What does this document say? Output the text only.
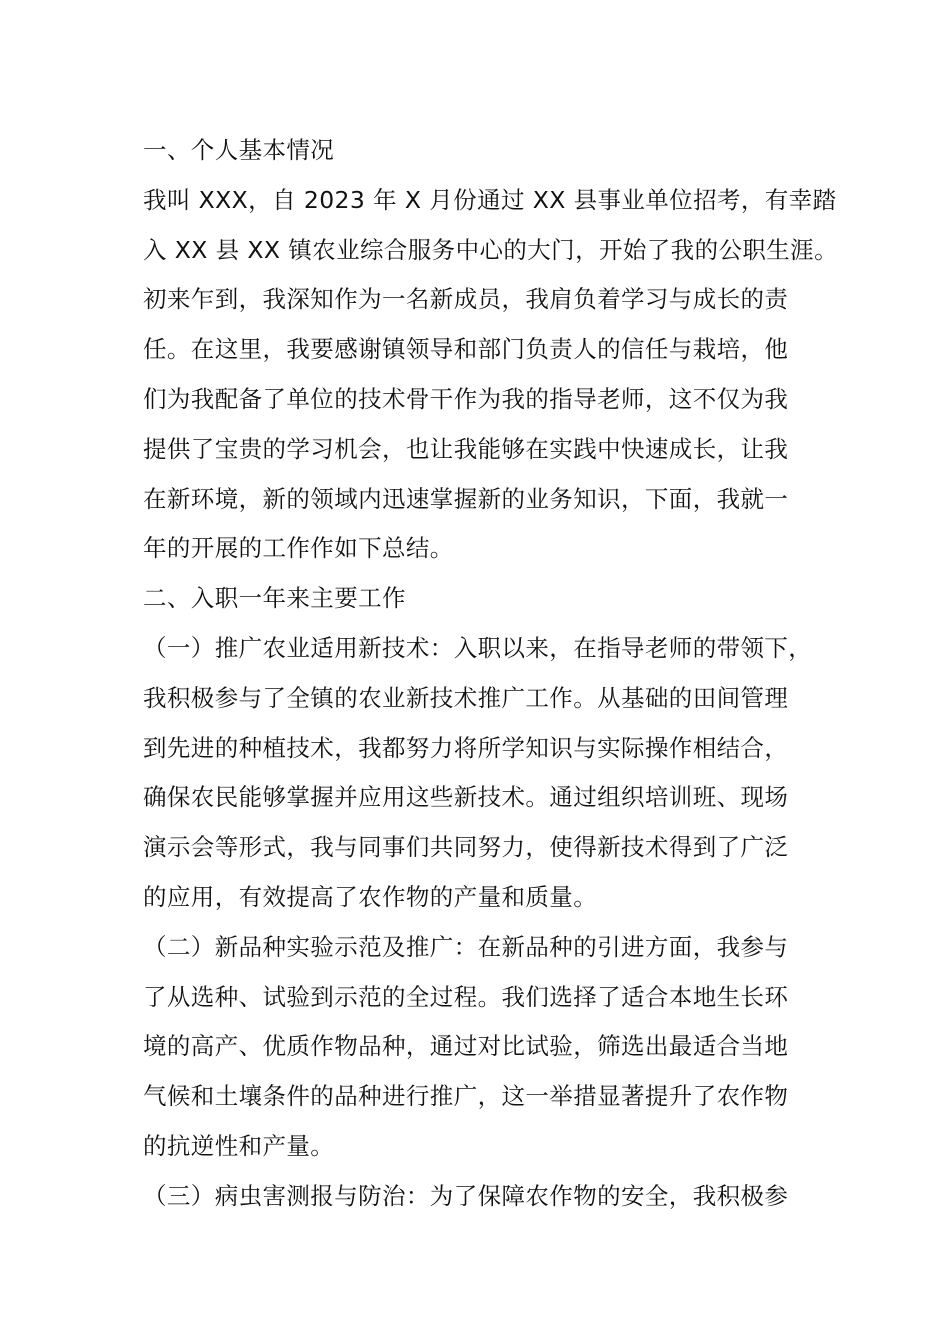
一、个人基本情况
我叫 XXX，自 2023 年 X 月份通过 XX 县事业单位招考，有幸踏
入 XX 县 XX 镇农业综合服务中心的大门，开始了我的公职生涯。
初来乍到，我深知作为一名新成员，我肩负着学习与成长的责
任。在这里，我要感谢镇领导和部门负责人的信任与栽培，他
们为我配备了单位的技术骨干作为我的指导老师，这不仅为我
提供了宝贵的学习机会，也让我能够在实践中快速成长，让我
在新环境，新的领域内迅速掌握新的业务知识，下面，我就一
年的开展的工作作如下总结。
二、入职一年来主要工作
（一）推广农业适用新技术：入职以来，在指导老师的带领下，
我积极参与了全镇的农业新技术推广工作。从基础的田间管理
到先进的种植技术，我都努力将所学知识与实际操作相结合，
确保农民能够掌握并应用这些新技术。通过组织培训班、现场
演示会等形式，我与同事们共同努力，使得新技术得到了广泛
的应用，有效提高了农作物的产量和质量。
（二）新品种实验示范及推广：在新品种的引进方面，我参与
了从选种、试验到示范的全过程。我们选择了适合本地生长环
境的高产、优质作物品种，通过对比试验，筛选出最适合当地
气候和土壤条件的品种进行推广，这一举措显著提升了农作物
的抗逆性和产量。
（三）病虫害测报与防治：为了保障农作物的安全，我积极参
